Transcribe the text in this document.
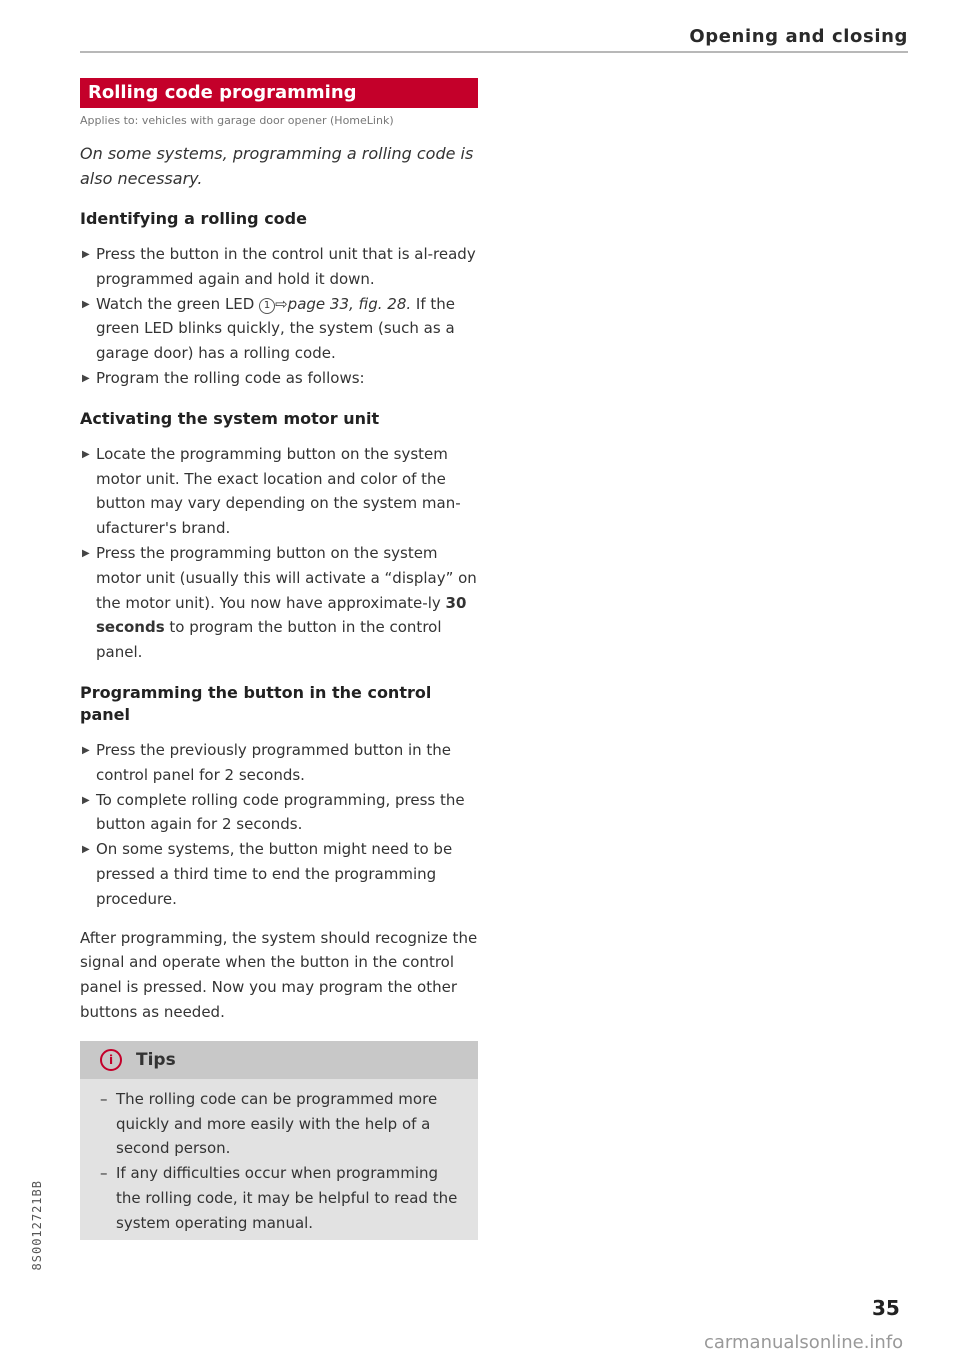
Opening and closing
Rolling code programming
Applies to: vehicles with garage door opener (HomeLink)
On some systems, programming a rolling code is also necessary.
Identifying a rolling code
▶ Press the button in the control unit that is al-ready programmed again and hold it down.
▶ Watch the green LED 1 ⇨page 33, fig. 28. If the green LED blinks quickly, the system (such as a garage door) has a rolling code.
▶ Program the rolling code as follows:
Activating the system motor unit
▶ Locate the programming button on the system motor unit. The exact location and color of the button may vary depending on the system man-ufacturer's brand.
▶ Press the programming button on the system motor unit (usually this will activate a “display” on the motor unit). You now have approximate-ly 30 seconds to program the button in the control panel.
Programming the button in the control panel
▶ Press the previously programmed button in the control panel for 2 seconds.
▶ To complete rolling code programming, press the button again for 2 seconds.
▶ On some systems, the button might need to be pressed a third time to end the programming procedure.
After programming, the system should recognize the signal and operate when the button in the control panel is pressed. Now you may program the other buttons as needed.
i	Tips
– The rolling code can be programmed more quickly and more easily with the help of a second person.
– If any difficulties occur when programming the rolling code, it may be helpful to read the system operating manual.
8S0012721BB
35
carmanualsonline.info
